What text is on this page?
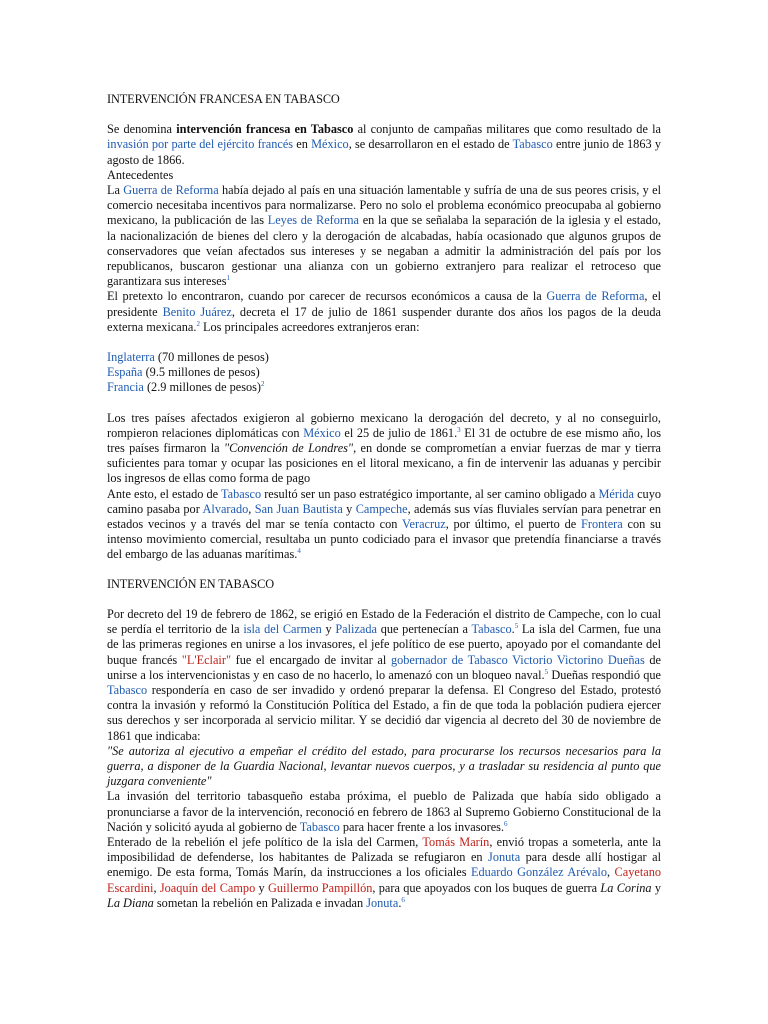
INTERVENCIÓN FRANCESA EN TABASCO

Se denomina intervención francesa en Tabasco al conjunto de campañas militares que como resultado de la invasión por parte del ejército francés en México, se desarrollaron en el estado de Tabasco entre junio de 1863 y agosto de 1866.

Antecedentes

La Guerra de Reforma había dejado al país en una situación lamentable y sufría de una de sus peores crisis, y el comercio necesitaba incentivos para normalizarse. Pero no solo el problema económico preocupaba al gobierno mexicano, la publicación de las Leyes de Reforma en la que se señalaba la separación de la iglesia y el estado, la nacionalización de bienes del clero y la derogación de alcabadas, había ocasionado que algunos grupos de conservadores que veían afectados sus intereses y se negaban a admitir la administración del país por los republicanos, buscaron gestionar una alianza con un gobierno extranjero para realizar el retroceso que garantizara sus intereses$^1$

El pretexto lo encontraron, cuando por carecer de recursos económicos a causa de la Guerra de Reforma, el presidente Benito Juárez, decreta el 17 de julio de 1861 suspender durante dos años los pagos de la deuda externa mexicana.$^2$ Los principales acreedores extranjeros eran:

Inglaterra (70 millones de pesos)
España (9.5 millones de pesos)
Francia (2.9 millones de pesos)$^2$

Los tres países afectados exigieron al gobierno mexicano la derogación del decreto, y al no conseguirlo, rompieron relaciones diplomáticas con México el 25 de julio de 1861.$^3$ El 31 de octubre de ese mismo año, los tres países firmaron la "Convención de Londres", en donde se comprometían a enviar fuerzas de mar y tierra suficientes para tomar y ocupar las posiciones en el litoral mexicano, a fin de intervenir las aduanas y percibir los ingresos de ellas como forma de pago

Ante esto, el estado de Tabasco resultó ser un paso estratégico importante, al ser camino obligado a Mérida cuyo camino pasaba por Alvarado, San Juan Bautista y Campeche, además sus vías fluviales servían para penetrar en estados vecinos y a través del mar se tenía contacto con Veracruz, por último, el puerto de Frontera con su intenso movimiento comercial, resultaba un punto codiciado para el invasor que pretendía financiarse a través del embargo de las aduanas marítimas.$^4$

INTERVENCIÓN EN TABASCO

Por decreto del 19 de febrero de 1862, se erigió en Estado de la Federación el distrito de Campeche, con lo cual se perdía el territorio de la isla del Carmen y Palizada que pertenecían a Tabasco.$^5$ La isla del Carmen, fue una de las primeras regiones en unirse a los invasores, el jefe político de ese puerto, apoyado por el comandante del buque francés "L'Eclair" fue el encargado de invitar al gobernador de Tabasco Victorio Victorino Dueñas de unirse a los intervencionistas y en caso de no hacerlo, lo amenazó con un bloqueo naval.$^5$ Dueñas respondió que Tabasco respondería en caso de ser invadido y ordenó preparar la defensa. El Congreso del Estado, protestó contra la invasión y reformó la Constitución Política del Estado, a fin de que toda la población pudiera ejercer sus derechos y ser incorporada al servicio militar. Y se decidió dar vigencia al decreto del 30 de noviembre de 1861 que indicaba:

"Se autoriza al ejecutivo a empeñar el crédito del estado, para procurarse los recursos necesarios para la guerra, a disponer de la Guardia Nacional, levantar nuevos cuerpos, y a trasladar su residencia al punto que juzgara conveniente"

La invasión del territorio tabasqueño estaba próxima, el pueblo de Palizada que había sido obligado a pronunciarse a favor de la intervención, reconoció en febrero de 1863 al Supremo Gobierno Constitucional de la Nación y solicitó ayuda al gobierno de Tabasco para hacer frente a los invasores.$^6$

Enterado de la rebelión el jefe político de la isla del Carmen, Tomás Marín, envió tropas a someterla, ante la imposibilidad de defenderse, los habitantes de Palizada se refugiaron en Jonuta para desde allí hostigar al enemigo. De esta forma, Tomás Marín, da instrucciones a los oficiales Eduardo González Arévalo, Cayetano Escardini, Joaquín del Campo y Guillermo Pampillón, para que apoyados con los buques de guerra La Corina y La Diana sometan la rebelión en Palizada e invadan Jonuta.$^6$
